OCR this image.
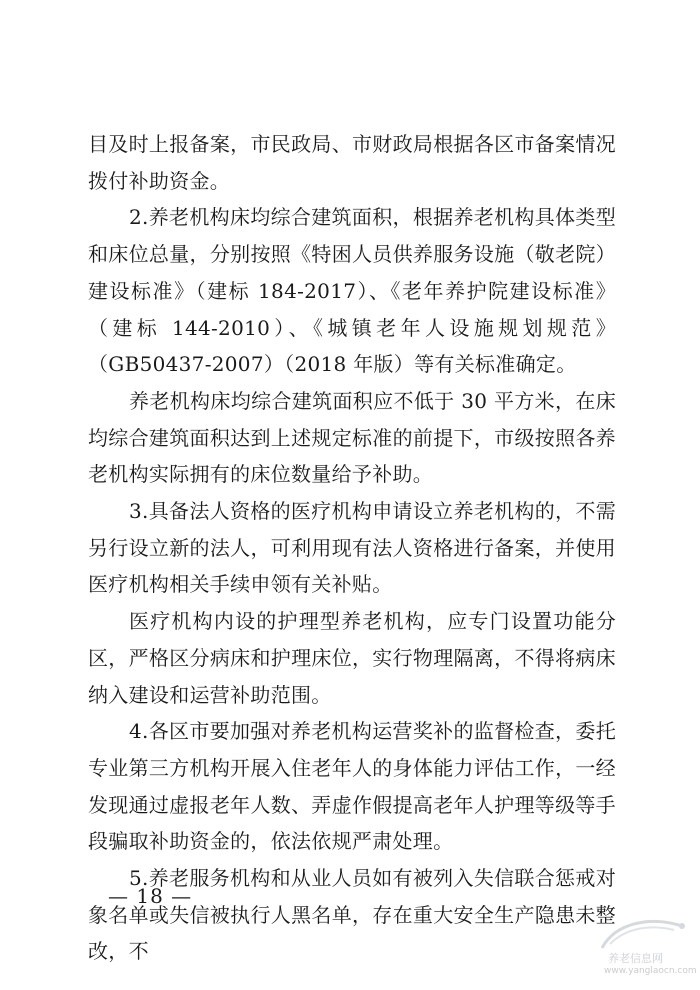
目及时上报备案，市民政局、市财政局根据各区市备案情况拨付补助资金。

2.养老机构床均综合建筑面积，根据养老机构具体类型和床位总量，分别按照《特困人员供养服务设施（敬老院）建设标准》（建标 184-2017）、《老年养护院建设标准》（建标 144-2010）、《城镇老年人设施规划规范》（GB50437-2007）（2018 年版）等有关标准确定。

养老机构床均综合建筑面积应不低于 30 平方米，在床均综合建筑面积达到上述规定标准的前提下，市级按照各养老机构实际拥有的床位数量给予补助。

3.具备法人资格的医疗机构申请设立养老机构的，不需另行设立新的法人，可利用现有法人资格进行备案，并使用医疗机构相关手续申领有关补贴。

医疗机构内设的护理型养老机构，应专门设置功能分区，严格区分病床和护理床位，实行物理隔离，不得将病床纳入建设和运营补助范围。

4.各区市要加强对养老机构运营奖补的监督检查，委托专业第三方机构开展入住老年人的身体能力评估工作，一经发现通过虚报老年人数、弄虚作假提高老年人护理等级等手段骗取补助资金的，依法依规严肃处理。

5.养老服务机构和从业人员如有被列入失信联合惩戒对象名单或失信被执行人黑名单，存在重大安全生产隐患未整改，不

— 18 —
养老信息网
www.yanglaocn.com
